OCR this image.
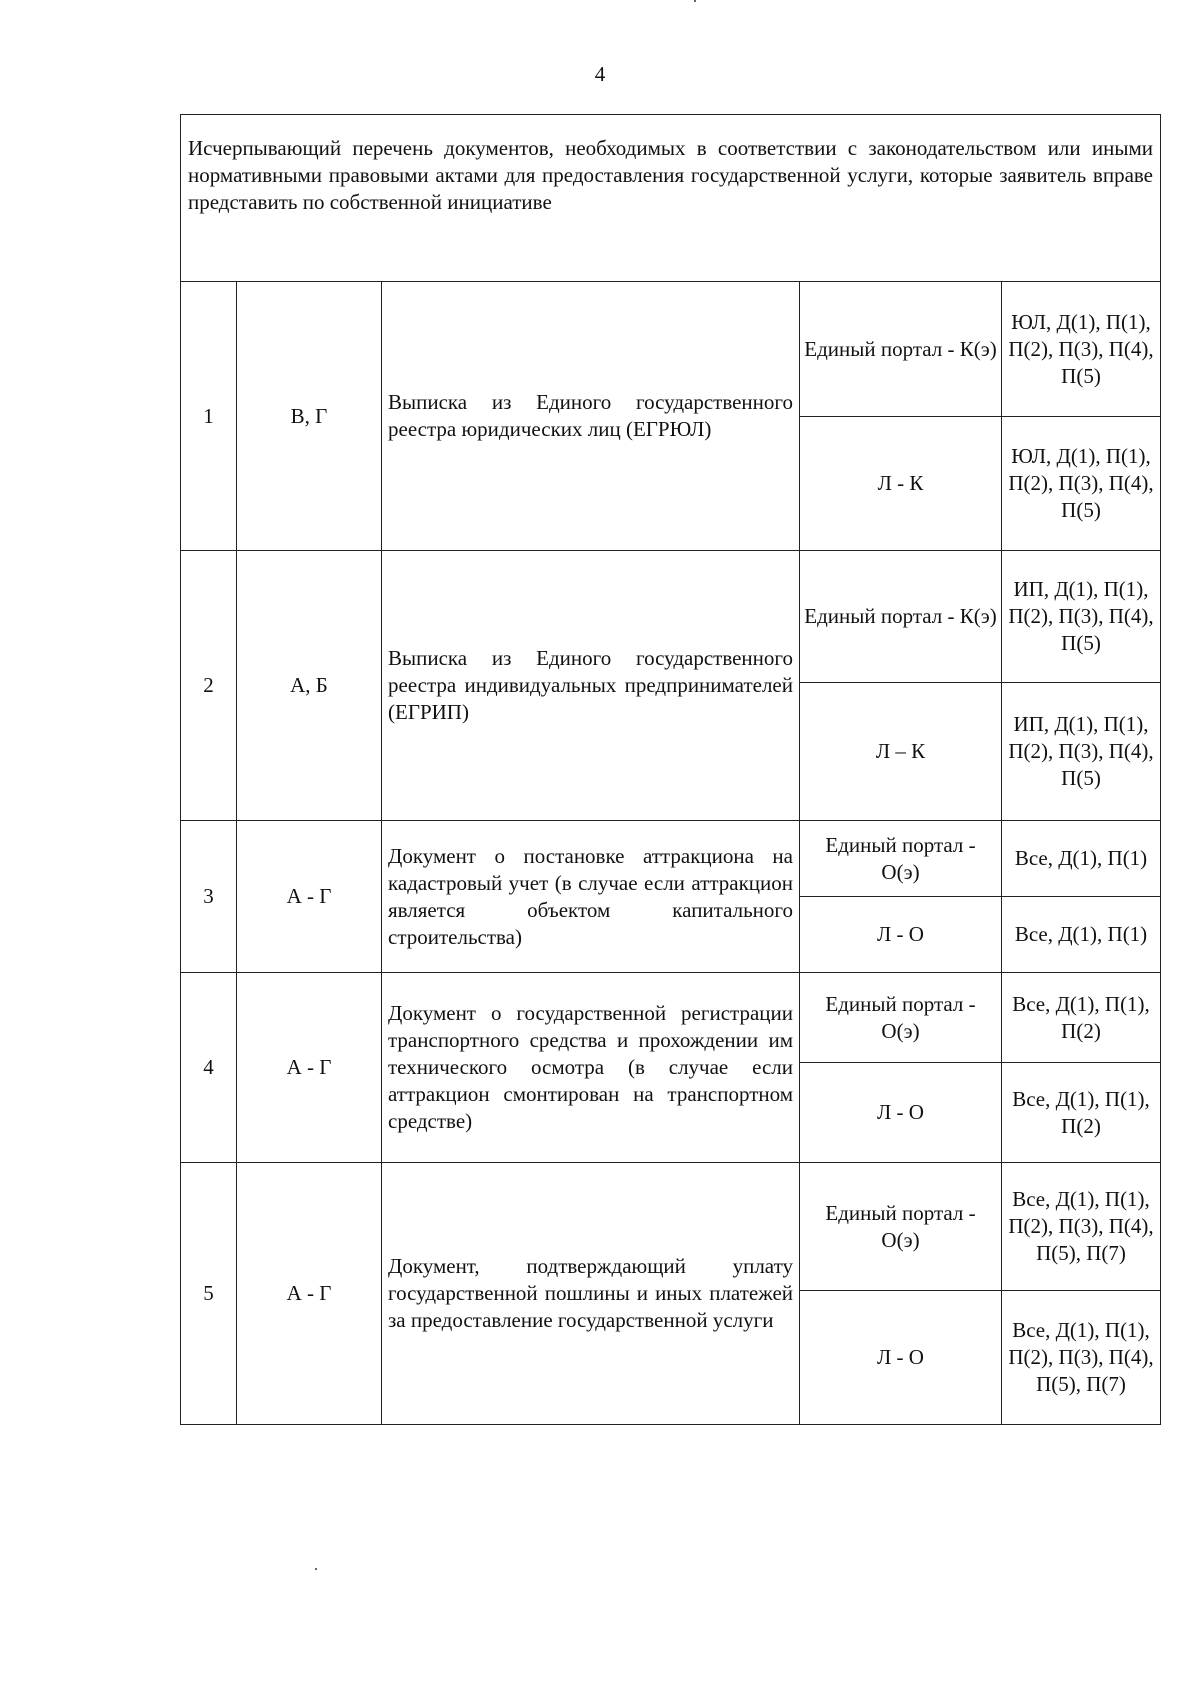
4
Исчерпывающий перечень документов, необходимых в соответствии с законодательством или иными нормативными правовыми актами для предоставления государственной услуги, которые заявитель вправе представить по собственной инициативе				
1	В, Г	Выписка из Единого государственного реестра юридических лиц (ЕГРЮЛ)	Единый портал - К(э)	ЮЛ, Д(1), П(1), П(2), П(3), П(4), П(5)
			Л - К	ЮЛ, Д(1), П(1), П(2), П(3), П(4), П(5)
2	А, Б	Выписка из Единого государственного реестра индивидуальных предпринимателей (ЕГРИП)	Единый портал - К(э)	ИП, Д(1), П(1), П(2), П(3), П(4), П(5)
			Л – К	ИП, Д(1), П(1), П(2), П(3), П(4), П(5)
3	А - Г	Документ о постановке аттракциона на кадастровый учет (в случае если аттракцион является объектом капитального строительства)	Единый портал - О(э)	Все, Д(1), П(1)
			Л - О	Все, Д(1), П(1)
4	А - Г	Документ о государственной регистрации транспортного средства и прохождении им технического осмотра (в случае если аттракцион смонтирован на транспортном средстве)	Единый портал - О(э)	Все, Д(1), П(1), П(2)
			Л - О	Все, Д(1), П(1), П(2)
5	А - Г	Документ, подтверждающий уплату государственной пошлины и иных платежей за предоставление государственной услуги	Единый портал - О(э)	Все, Д(1), П(1), П(2), П(3), П(4), П(5), П(7)
			Л - О	Все, Д(1), П(1), П(2), П(3), П(4), П(5), П(7)
